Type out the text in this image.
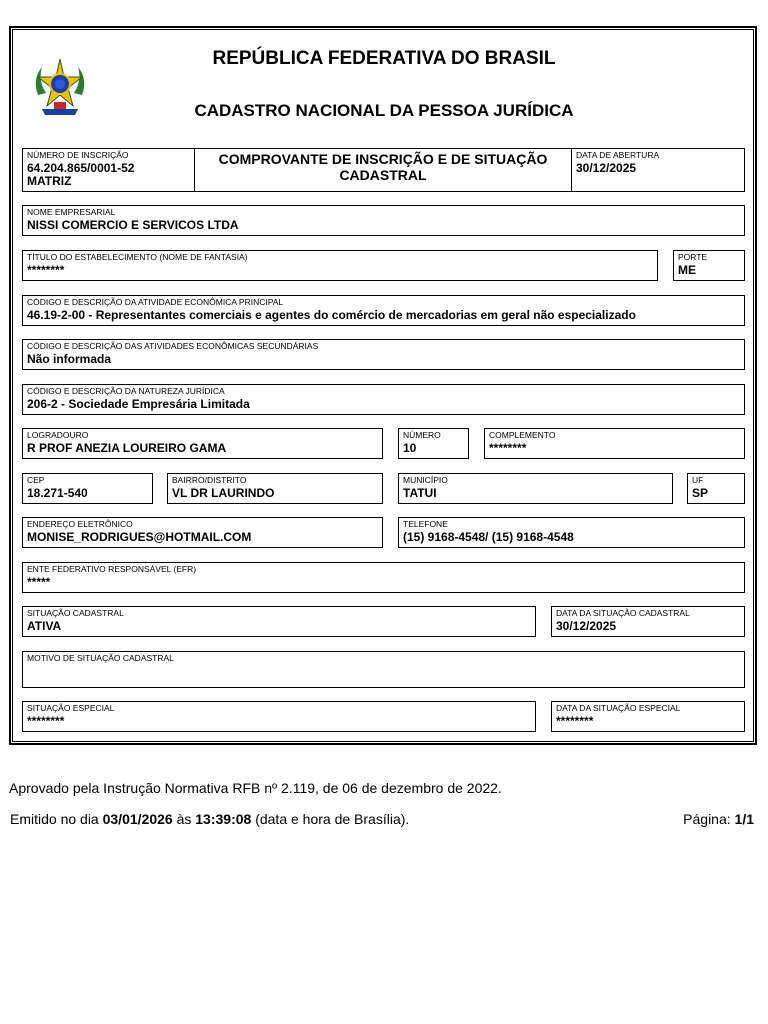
REPÚBLICA FEDERATIVA DO BRASIL
CADASTRO NACIONAL DA PESSOA JURÍDICA
NÚMERO DE INSCRIÇÃO
64.204.865/0001-52
MATRIZ
COMPROVANTE DE INSCRIÇÃO E DE SITUAÇÃO
CADASTRAL
DATA DE ABERTURA
30/12/2025
NOME EMPRESARIAL
NISSI COMERCIO E SERVICOS LTDA
TÍTULO DO ESTABELECIMENTO (NOME DE FANTASIA)
********
PORTE
ME
CÓDIGO E DESCRIÇÃO DA ATIVIDADE ECONÔMICA PRINCIPAL
46.19-2-00 - Representantes comerciais e agentes do comércio de mercadorias em geral não especializado
CÓDIGO E DESCRIÇÃO DAS ATIVIDADES ECONÔMICAS SECUNDÁRIAS
Não informada
CÓDIGO E DESCRIÇÃO DA NATUREZA JURÍDICA
206-2 - Sociedade Empresária Limitada
LOGRADOURO
R PROF ANEZIA LOUREIRO GAMA
NÚMERO
10
COMPLEMENTO
********
CEP
18.271-540
BAIRRO/DISTRITO
VL DR LAURINDO
MUNICÍPIO
TATUI
UF
SP
ENDEREÇO ELETRÔNICO
MONISE_RODRIGUES@HOTMAIL.COM
TELEFONE
(15) 9168-4548/ (15) 9168-4548
ENTE FEDERATIVO RESPONSÁVEL (EFR)
*****
SITUAÇÃO CADASTRAL
ATIVA
DATA DA SITUAÇÃO CADASTRAL
30/12/2025
MOTIVO DE SITUAÇÃO CADASTRAL
SITUAÇÃO ESPECIAL
********
DATA DA SITUAÇÃO ESPECIAL
********
Aprovado pela Instrução Normativa RFB nº 2.119, de 06 de dezembro de 2022.
Emitido no dia 03/01/2026 às 13:39:08 (data e hora de Brasília).	Página: 1/1
